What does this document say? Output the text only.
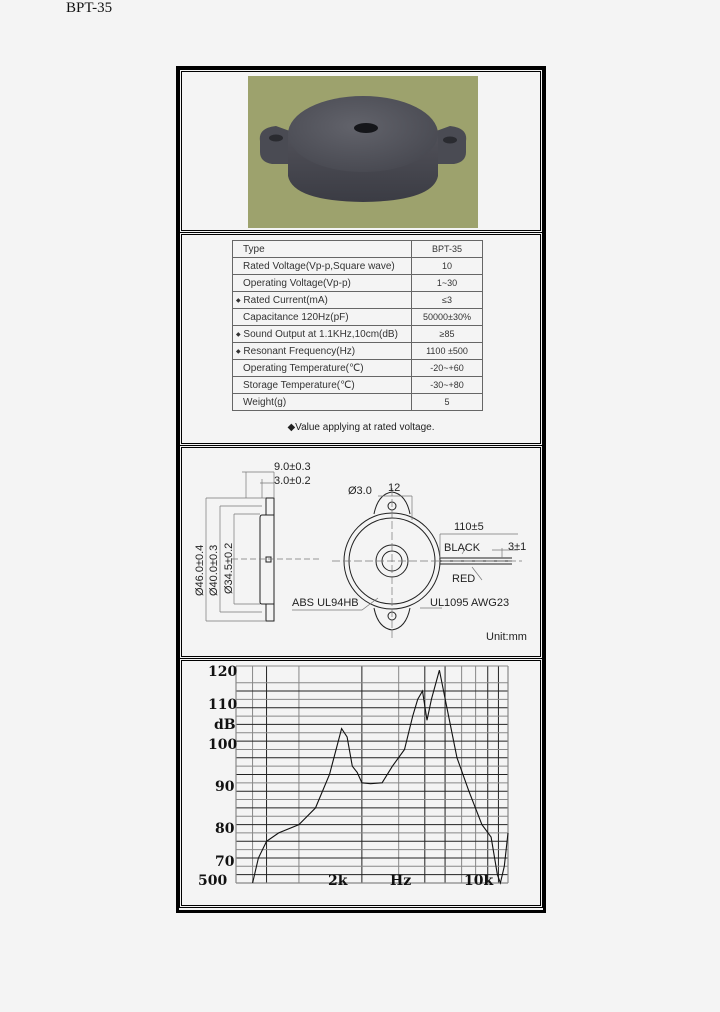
BPT-35
Type	BPT-35
Rated Voltage(Vp-p,Square wave)	10
Operating Voltage(Vp-p)	1~30
◆ Rated Current(mA)	≤3
Capacitance 120Hz(pF)	50000±30%
◆ Sound Output at 1.1KHz,10cm(dB)	≥85
◆ Resonant Frequency(Hz)	1100 ±500
Operating Temperature(℃)	-20~+60
Storage Temperature(℃)	-30~+80
Weight(g)	5
◆Value applying at rated voltage.
9.0±0.3
3.0±0.2
Ø46.0±0.4 Ø40.0±0.3 Ø34.5±0.2
Ø3.0 12
110±5
3±1
BLACK
RED
ABS UL94HB	UL1095 AWG23
Unit:mm
120
110
dB
100
90
80
70
500	2k	Hz	10k
